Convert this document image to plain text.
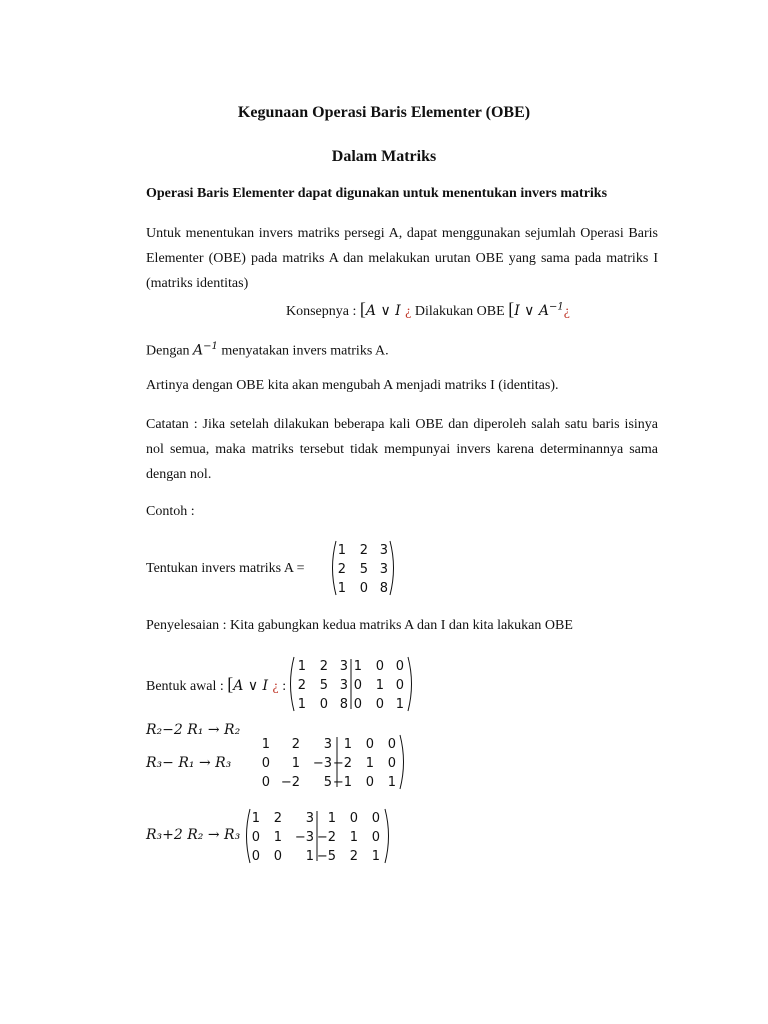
Kegunaan Operasi Baris Elementer (OBE)
Dalam Matriks
Operasi Baris Elementer dapat digunakan untuk menentukan invers matriks
Untuk menentukan invers matriks persegi A, dapat menggunakan sejumlah Operasi Baris Elementer (OBE) pada matriks A dan melakukan urutan OBE yang sama pada matriks I (matriks identitas)
Konsepnya : [A ∨ I ¿ Dilakukan OBE [I ∨ $A^{-1}¿$
Dengan $A^{-1}$ menyatakan invers matriks A.
Artinya dengan OBE kita akan mengubah A menjadi matriks I (identitas).
Catatan : Jika setelah dilakukan beberapa kali OBE dan diperoleh salah satu baris isinya nol semua, maka matriks tersebut tidak mempunyai invers karena determinannya sama dengan nol.
Contoh :
Tentukan invers matriks A =
1 2 3
2 5 3
1 0 8
Penyelesaian : Kita gabungkan kedua matriks A dan I dan kita lakukan OBE
Bentuk awal : [A ∨ I ¿ :
1 2 3 1 0 0
2 5 3 0 1 0
1 0 8 0 0 1
R₂−2 R₁ → R₂
R₃− R₁ → R₃
1 2 3 1 0 0
0 1 −3 −2 1 0
0 −2 5 −1 0 1
R₃+2 R₂ → R₃
1 2 3 1 0 0
0 1 −3 −2 1 0
0 0 1 −5 2 1
